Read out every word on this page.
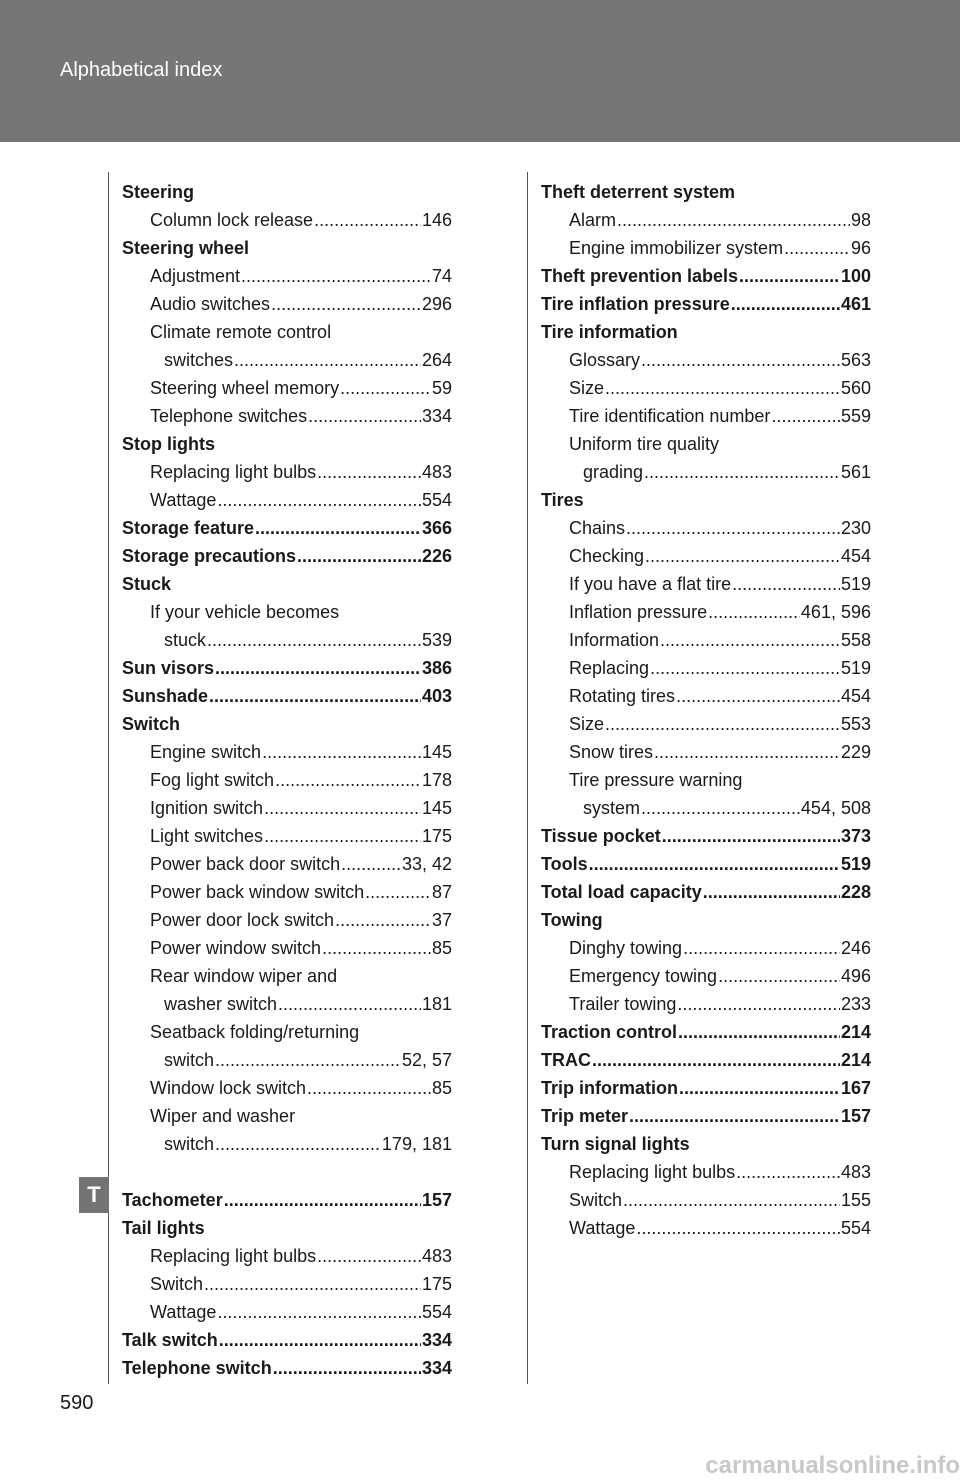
Alphabetical index
T
Steering
Column lock release .....	146
Steering wheel
Adjustment .....	74
Audio switches .....	296
Climate remote control
switches .....	264
Steering wheel memory .....	59
Telephone switches .....	334
Stop lights
Replacing light bulbs .....	483
Wattage .....	554
Storage feature .....	366
Storage precautions .....	226
Stuck
If your vehicle becomes
stuck .....	539
Sun visors .....	386
Sunshade .....	403
Switch
Engine switch .....	145
Fog light switch .....	178
Ignition switch .....	145
Light switches .....	175
Power back door switch .....	33, 42
Power back window switch .....	87
Power door lock switch .....	37
Power window switch .....	85
Rear window wiper and
washer switch .....	181
Seatback folding/returning
switch .....	52, 57
Window lock switch .....	85
Wiper and washer
switch .....	179, 181
Tachometer .....	157
Tail lights
Replacing light bulbs .....	483
Switch .....	175
Wattage .....	554
Talk switch .....	334
Telephone switch .....	334
Theft deterrent system
Alarm .....	98
Engine immobilizer system .....	96
Theft prevention labels .....	100
Tire inflation pressure .....	461
Tire information
Glossary .....	563
Size .....	560
Tire identification number .....	559
Uniform tire quality
grading .....	561
Tires
Chains .....	230
Checking .....	454
If you have a flat tire .....	519
Inflation pressure .....	461, 596
Information .....	558
Replacing .....	519
Rotating tires .....	454
Size .....	553
Snow tires .....	229
Tire pressure warning
system .....	454, 508
Tissue pocket .....	373
Tools .....	519
Total load capacity .....	228
Towing
Dinghy towing .....	246
Emergency towing .....	496
Trailer towing .....	233
Traction control .....	214
TRAC .....	214
Trip information .....	167
Trip meter .....	157
Turn signal lights
Replacing light bulbs .....	483
Switch .....	155
Wattage .....	554
590
carmanualsonline.info
